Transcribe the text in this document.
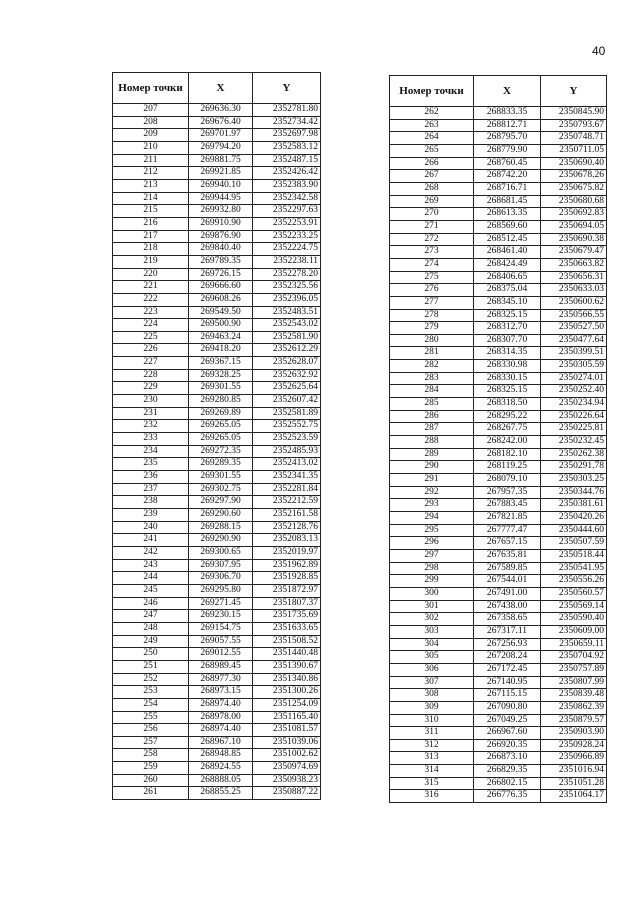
40
Номер точки	X	Y
207	269636.30	2352781.80
208	269676.40	2352734.42
209	269701.97	2352697.98
210	269794.20	2352583.12
211	269881.75	2352487.15
212	269921.85	2352426.42
213	269940.10	2352383.90
214	269944.95	2352342.58
215	269932.80	2352297.63
216	269910.90	2352253.91
217	269876.90	2352233.25
218	269840.40	2352224.75
219	269789.35	2352238.11
220	269726.15	2352278.20
221	269666.60	2352325.56
222	269608.26	2352396.05
223	269549.50	2352483.51
224	269500.90	2352543.02
225	269463.24	2352581.90
226	269418.20	2352612.29
227	269367.15	2352628.07
228	269328.25	2352632.92
229	269301.55	2352625.64
230	269280.85	2352607.42
231	269269.89	2352581.89
232	269265.05	2352552.75
233	269265.05	2352523.59
234	269272.35	2352485.93
235	269289.35	2352413.02
236	269301.55	2352341.35
237	269302.75	2352281.84
238	269297.90	2352212.59
239	269290.60	2352161.58
240	269288.15	2352128.76
241	269290.90	2352083.13
242	269300.65	2352019.97
243	269307.95	2351962.89
244	269306.70	2351928.85
245	269295.80	2351872.97
246	269271.45	2351807.37
247	269230.15	2351735.69
248	269154.75	2351633.65
249	269057.55	2351508.52
250	269012.55	2351440.48
251	268989.45	2351390.67
252	268977.30	2351340.86
253	268973.15	2351300.26
254	268974.40	2351254.09
255	268978.00	2351165.40
256	268974.40	2351081.57
257	268967.10	2351039.06
258	268948.85	2351002.62
259	268924.55	2350974.69
260	268888.05	2350938.23
261	268855.25	2350887.22
Номер точки	X	Y
262	268833.35	2350845.90
263	268812.71	2350793.67
264	268795.70	2350748.71
265	268779.90	2350711.05
266	268760.45	2350690.40
267	268742.20	2350678.26
268	268716.71	2350675.82
269	268681.45	2350680.68
270	268613.35	2350692.83
271	268569.60	2350694.05
272	268512.45	2350690.38
273	268461.40	2350679.47
274	268424.49	2350663.82
275	268406.65	2350656.31
276	268375.04	2350633.03
277	268345.10	2350600.62
278	268325.15	2350566.55
279	268312.70	2350527.50
280	268307.70	2350477.64
281	268314.35	2350399.51
282	268330.98	2350305.59
283	268330.15	2350274.01
284	268325.15	2350252.40
285	268318.50	2350234.94
286	268295.22	2350226.64
287	268267.75	2350225.81
288	268242.00	2350232.45
289	268182.10	2350262.38
290	268119.25	2350291.78
291	268079.10	2350303.25
292	267957.35	2350344.76
293	267883.45	2350381.61
294	267821.85	2350420.26
295	267777.47	2350444.60
296	267657.15	2350507.59
297	267635.81	2350518.44
298	267589.85	2350541.95
299	267544.01	2350556.26
300	267491.00	2350560.57
301	267438.00	2350569.14
302	267358.65	2350590.40
303	267317.11	2350609.00
304	267256.93	2350659.11
305	267208.24	2350704.92
306	267172.45	2350757.89
307	267140.95	2350807.99
308	267115.15	2350839.48
309	267090.80	2350862.39
310	267049.25	2350879.57
311	266967.60	2350903.90
312	266920.35	2350928.24
313	266873.10	2350966.89
314	266829.35	2351016.94
315	266802.15	2351051.28
316	266776.35	2351064.17
